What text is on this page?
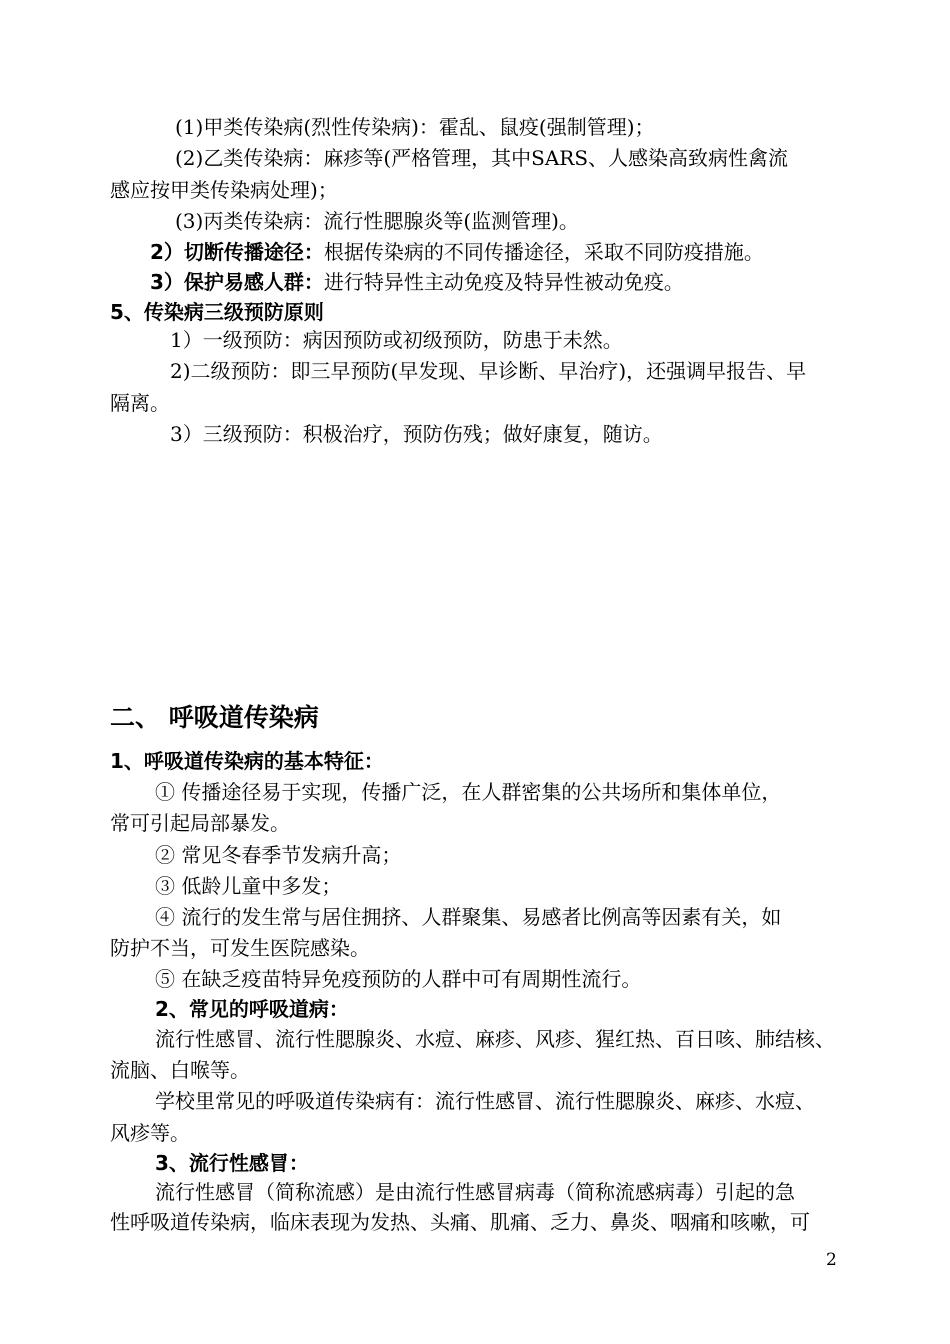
(1)甲类传染病(烈性传染病)：霍乱、鼠疫(强制管理)；
(2)乙类传染病：麻疹等(严格管理，其中SARS、人感染高致病性禽流
感应按甲类传染病处理)；
(3)丙类传染病：流行性腮腺炎等(监测管理)。
2）切断传播途径：根据传染病的不同传播途径，采取不同防疫措施。
3）保护易感人群：进行特异性主动免疫及特异性被动免疫。
5、传染病三级预防原则
1）一级预防：病因预防或初级预防，防患于未然。
2)二级预防：即三早预防(早发现、早诊断、早治疗)，还强调早报告、早
隔离。
3）三级预防：积极治疗，预防伤残；做好康复，随访。
二、 呼吸道传染病
1、呼吸道传染病的基本特征：
① 传播途径易于实现，传播广泛，在人群密集的公共场所和集体单位，
常可引起局部暴发。
② 常见冬春季节发病升高；
③ 低龄儿童中多发；
④ 流行的发生常与居住拥挤、人群聚集、易感者比例高等因素有关，如
防护不当，可发生医院感染。
⑤ 在缺乏疫苗特异免疫预防的人群中可有周期性流行。
2、常见的呼吸道病：
流行性感冒、流行性腮腺炎、水痘、麻疹、风疹、猩红热、百日咳、肺结核、
流脑、白喉等。
学校里常见的呼吸道传染病有：流行性感冒、流行性腮腺炎、麻疹、水痘、
风疹等。
3、流行性感冒：
流行性感冒（简称流感）是由流行性感冒病毒（简称流感病毒）引起的急
性呼吸道传染病，临床表现为发热、头痛、肌痛、乏力、鼻炎、咽痛和咳嗽，可
2
